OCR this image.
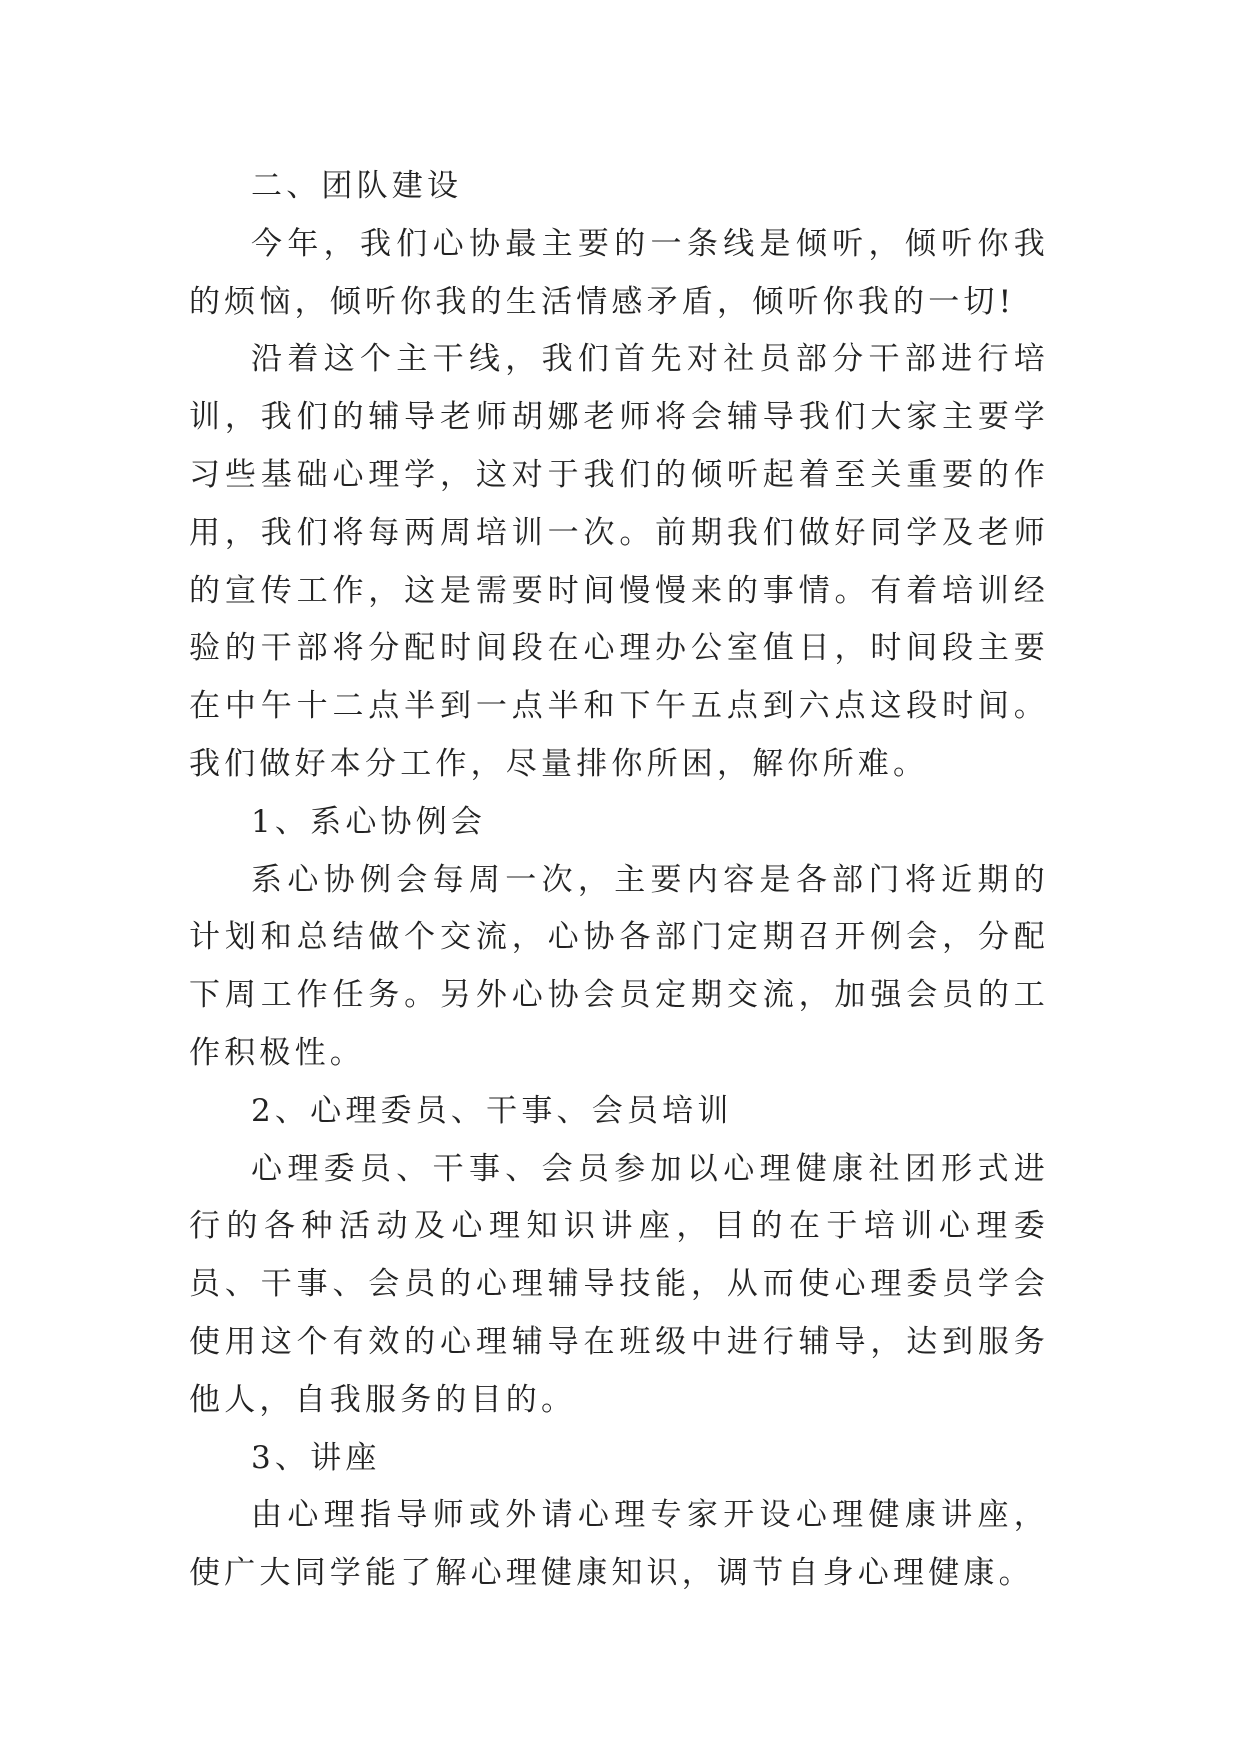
二、团队建设

今年，我们心协最主要的一条线是倾听，倾听你我的烦恼，倾听你我的生活情感矛盾，倾听你我的一切!

沿着这个主干线，我们首先对社员部分干部进行培训，我们的辅导老师胡娜老师将会辅导我们大家主要学习些基础心理学，这对于我们的倾听起着至关重要的作用，我们将每两周培训一次。前期我们做好同学及老师的宣传工作，这是需要时间慢慢来的事情。有着培训经验的干部将分配时间段在心理办公室值日，时间段主要在中午十二点半到一点半和下午五点到六点这段时间。我们做好本分工作，尽量排你所困，解你所难。

1、系心协例会

系心协例会每周一次，主要内容是各部门将近期的计划和总结做个交流，心协各部门定期召开例会，分配下周工作任务。另外心协会员定期交流，加强会员的工作积极性。

2、心理委员、干事、会员培训

心理委员、干事、会员参加以心理健康社团形式进行的各种活动及心理知识讲座，目的在于培训心理委员、干事、会员的心理辅导技能，从而使心理委员学会使用这个有效的心理辅导在班级中进行辅导，达到服务他人，自我服务的目的。

3、讲座

由心理指导师或外请心理专家开设心理健康讲座，使广大同学能了解心理健康知识，调节自身心理健康。
